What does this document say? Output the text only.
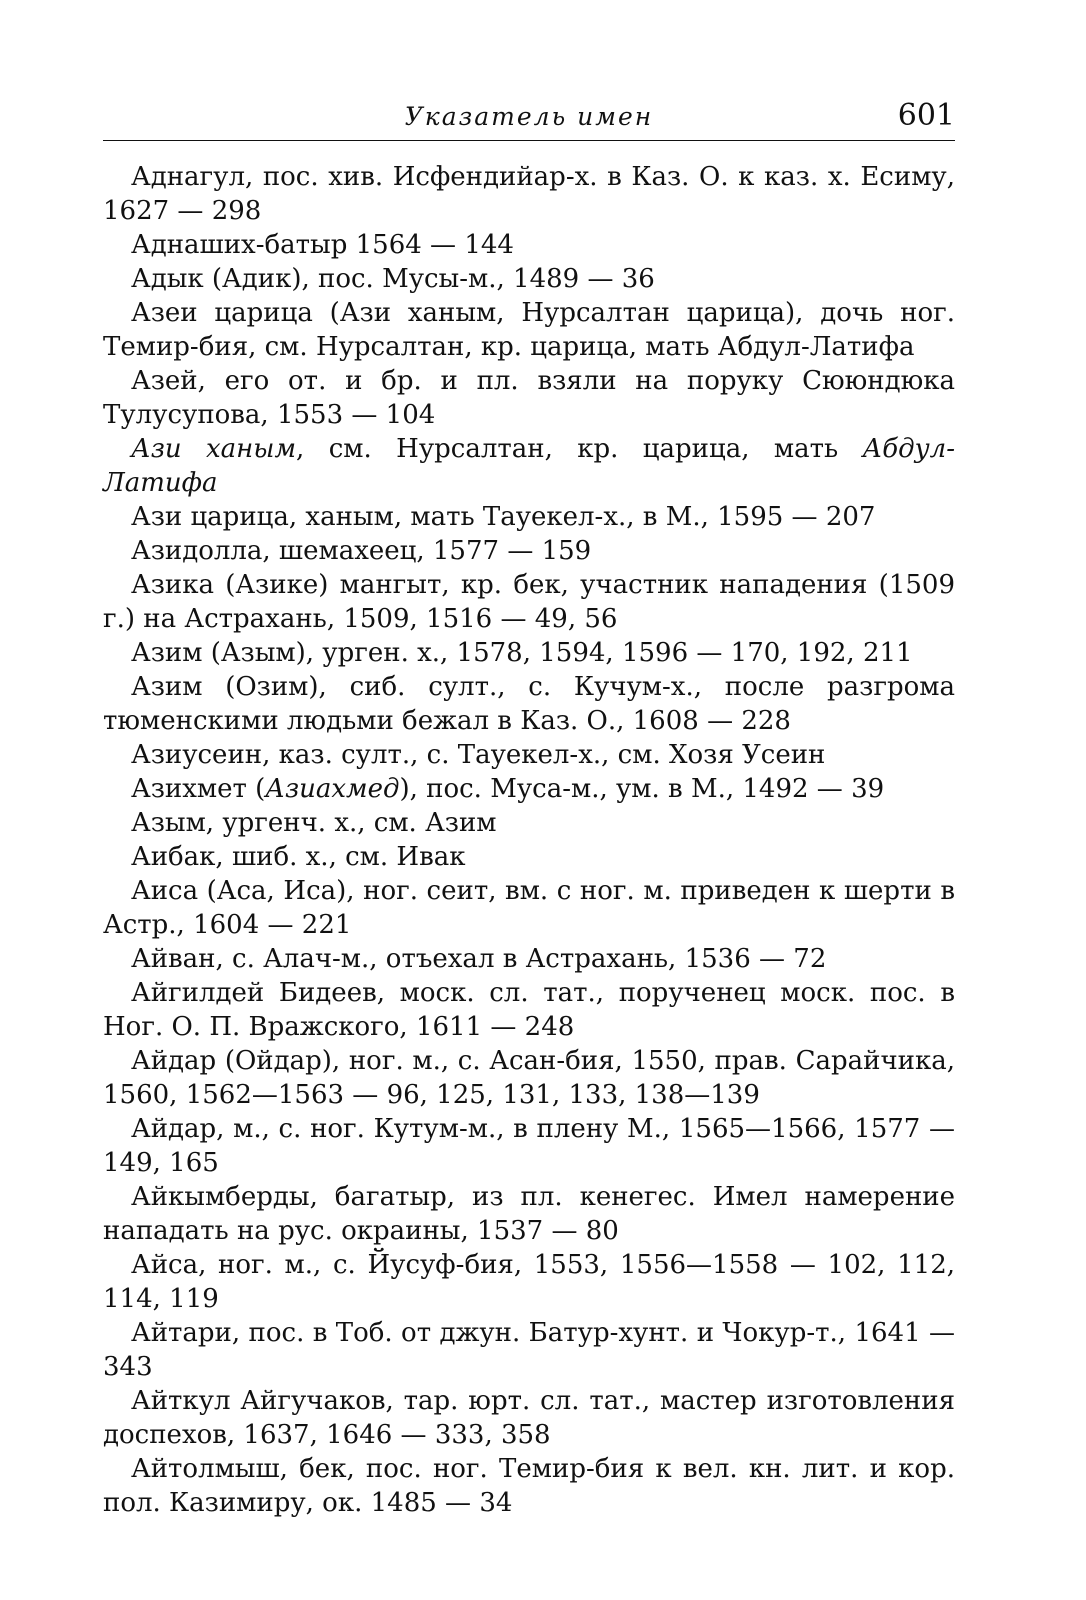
Указатель имен	601

Аднагул, пос. хив. Исфендийар-х. в Каз. О. к каз. х. Есиму, 1627 — 298

Аднаших-батыр 1564 — 144

Адык (Адик), пос. Мусы-м., 1489 — 36

Азеи царица (Ази ханым, Нурсалтан царица), дочь ног. Темир-бия, см. Нурсалтан, кр. царица, мать Абдул-Латифа

Азей, его от. и бр. и пл. взяли на поруку Сююндюка Тулусупова, 1553 — 104

Ази ханым, см. Нурсалтан, кр. царица, мать Абдул-Латифа

Ази царица, ханым, мать Тауекел-х., в М., 1595 — 207

Азидолла, шемахеец, 1577 — 159

Азика (Азике) мангыт, кр. бек, участник нападения (1509 г.) на Астрахань, 1509, 1516 — 49, 56

Азим (Азым), урген. х., 1578, 1594, 1596 — 170, 192, 211

Азим (Озим), сиб. султ., с. Кучум-х., после разгрома тюменскими людьми бежал в Каз. О., 1608 — 228

Азиусеин, каз. султ., с. Тауекел-х., см. Хозя Усеин

Азихмет (Азиахмед), пос. Муса-м., ум. в М., 1492 — 39

Азым, ургенч. х., см. Азим

Аибак, шиб. х., см. Ивак

Аиса (Аса, Иса), ног. сеит, вм. с ног. м. приведен к шерти в Астр., 1604 — 221

Айван, с. Алач-м., отъехал в Астрахань, 1536 — 72

Айгилдей Бидеев, моск. сл. тат., порученец моск. пос. в Ног. О. П. Вражского, 1611 — 248

Айдар (Ойдар), ног. м., с. Асан-бия, 1550, прав. Сарайчика, 1560, 1562—1563 — 96, 125, 131, 133, 138—139

Айдар, м., с. ног. Кутум-м., в плену М., 1565—1566, 1577 — 149, 165

Айкымберды, багатыр, из пл. кенегес. Имел намерение нападать на рус. окраины, 1537 — 80

Айса, ног. м., с. Йусуф-бия, 1553, 1556—1558 — 102, 112, 114, 119

Айтари, пос. в Тоб. от джун. Батур-хунт. и Чокур-т., 1641 — 343

Айткул Айгучаков, тар. юрт. сл. тат., мастер изготовления доспехов, 1637, 1646 — 333, 358

Айтолмыш, бек, пос. ног. Темир-бия к вел. кн. лит. и кор. пол. Казимиру, ок. 1485 — 34
